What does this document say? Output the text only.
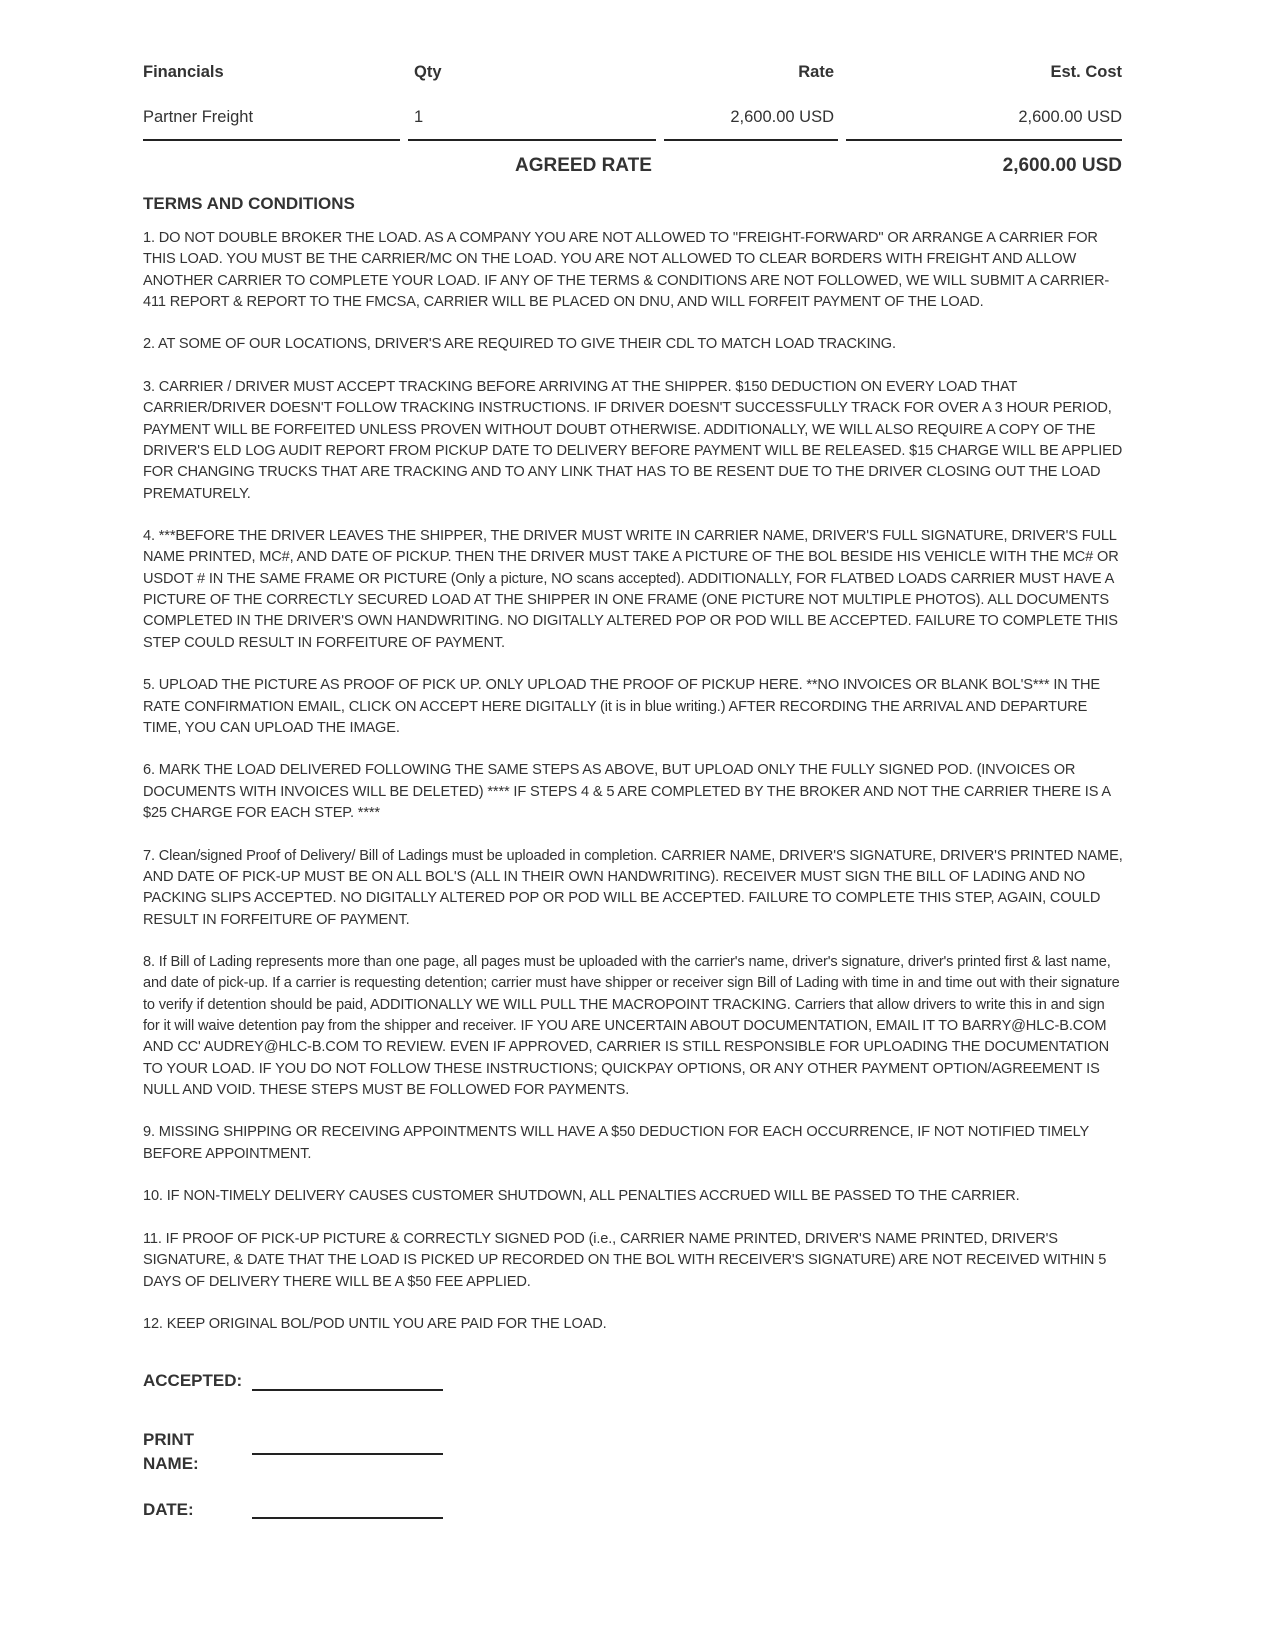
Financials	Qty	Rate	Est. Cost
Partner Freight	1	2,600.00 USD	2,600.00 USD
AGREED RATE	2,600.00 USD
TERMS AND CONDITIONS

1. DO NOT DOUBLE BROKER THE LOAD. AS A COMPANY YOU ARE NOT ALLOWED TO "FREIGHT-FORWARD" OR ARRANGE A CARRIER FOR THIS LOAD. YOU MUST BE THE CARRIER/MC ON THE LOAD. YOU ARE NOT ALLOWED TO CLEAR BORDERS WITH FREIGHT AND ALLOW ANOTHER CARRIER TO COMPLETE YOUR LOAD. IF ANY OF THE TERMS & CONDITIONS ARE NOT FOLLOWED, WE WILL SUBMIT A CARRIER-411 REPORT & REPORT TO THE FMCSA, CARRIER WILL BE PLACED ON DNU, AND WILL FORFEIT PAYMENT OF THE LOAD.

2. AT SOME OF OUR LOCATIONS, DRIVER'S ARE REQUIRED TO GIVE THEIR CDL TO MATCH LOAD TRACKING.

3. CARRIER / DRIVER MUST ACCEPT TRACKING BEFORE ARRIVING AT THE SHIPPER. $150 DEDUCTION ON EVERY LOAD THAT CARRIER/DRIVER DOESN'T FOLLOW TRACKING INSTRUCTIONS. IF DRIVER DOESN'T SUCCESSFULLY TRACK FOR OVER A 3 HOUR PERIOD, PAYMENT WILL BE FORFEITED UNLESS PROVEN WITHOUT DOUBT OTHERWISE. ADDITIONALLY, WE WILL ALSO REQUIRE A COPY OF THE DRIVER'S ELD LOG AUDIT REPORT FROM PICKUP DATE TO DELIVERY BEFORE PAYMENT WILL BE RELEASED. $15 CHARGE WILL BE APPLIED FOR CHANGING TRUCKS THAT ARE TRACKING AND TO ANY LINK THAT HAS TO BE RESENT DUE TO THE DRIVER CLOSING OUT THE LOAD PREMATURELY.

4. ***BEFORE THE DRIVER LEAVES THE SHIPPER, THE DRIVER MUST WRITE IN CARRIER NAME, DRIVER'S FULL SIGNATURE, DRIVER'S FULL NAME PRINTED, MC#, AND DATE OF PICKUP. THEN THE DRIVER MUST TAKE A PICTURE OF THE BOL BESIDE HIS VEHICLE WITH THE MC# OR USDOT # IN THE SAME FRAME OR PICTURE (Only a picture, NO scans accepted). ADDITIONALLY, FOR FLATBED LOADS CARRIER MUST HAVE A PICTURE OF THE CORRECTLY SECURED LOAD AT THE SHIPPER IN ONE FRAME (ONE PICTURE NOT MULTIPLE PHOTOS). ALL DOCUMENTS COMPLETED IN THE DRIVER'S OWN HANDWRITING. NO DIGITALLY ALTERED POP OR POD WILL BE ACCEPTED. FAILURE TO COMPLETE THIS STEP COULD RESULT IN FORFEITURE OF PAYMENT.

5. UPLOAD THE PICTURE AS PROOF OF PICK UP. ONLY UPLOAD THE PROOF OF PICKUP HERE. **NO INVOICES OR BLANK BOL'S*** IN THE RATE CONFIRMATION EMAIL, CLICK ON ACCEPT HERE DIGITALLY (it is in blue writing.) AFTER RECORDING THE ARRIVAL AND DEPARTURE TIME, YOU CAN UPLOAD THE IMAGE.

6. MARK THE LOAD DELIVERED FOLLOWING THE SAME STEPS AS ABOVE, BUT UPLOAD ONLY THE FULLY SIGNED POD. (INVOICES OR DOCUMENTS WITH INVOICES WILL BE DELETED) **** IF STEPS 4 & 5 ARE COMPLETED BY THE BROKER AND NOT THE CARRIER THERE IS A $25 CHARGE FOR EACH STEP. ****

7. Clean/signed Proof of Delivery/ Bill of Ladings must be uploaded in completion. CARRIER NAME, DRIVER'S SIGNATURE, DRIVER'S PRINTED NAME, AND DATE OF PICK-UP MUST BE ON ALL BOL'S (ALL IN THEIR OWN HANDWRITING). RECEIVER MUST SIGN THE BILL OF LADING AND NO PACKING SLIPS ACCEPTED. NO DIGITALLY ALTERED POP OR POD WILL BE ACCEPTED. FAILURE TO COMPLETE THIS STEP, AGAIN, COULD RESULT IN FORFEITURE OF PAYMENT.

8. If Bill of Lading represents more than one page, all pages must be uploaded with the carrier's name, driver's signature, driver's printed first & last name, and date of pick-up. If a carrier is requesting detention; carrier must have shipper or receiver sign Bill of Lading with time in and time out with their signature to verify if detention should be paid, ADDITIONALLY WE WILL PULL THE MACROPOINT TRACKING. Carriers that allow drivers to write this in and sign for it will waive detention pay from the shipper and receiver. IF YOU ARE UNCERTAIN ABOUT DOCUMENTATION, EMAIL IT TO BARRY@HLC-B.COM AND CC' AUDREY@HLC-B.COM TO REVIEW. EVEN IF APPROVED, CARRIER IS STILL RESPONSIBLE FOR UPLOADING THE DOCUMENTATION TO YOUR LOAD. IF YOU DO NOT FOLLOW THESE INSTRUCTIONS; QUICKPAY OPTIONS, OR ANY OTHER PAYMENT OPTION/AGREEMENT IS NULL AND VOID. THESE STEPS MUST BE FOLLOWED FOR PAYMENTS.

9. MISSING SHIPPING OR RECEIVING APPOINTMENTS WILL HAVE A $50 DEDUCTION FOR EACH OCCURRENCE, IF NOT NOTIFIED TIMELY BEFORE APPOINTMENT.

10. IF NON-TIMELY DELIVERY CAUSES CUSTOMER SHUTDOWN, ALL PENALTIES ACCRUED WILL BE PASSED TO THE CARRIER.

11. IF PROOF OF PICK-UP PICTURE & CORRECTLY SIGNED POD (i.e., CARRIER NAME PRINTED, DRIVER'S NAME PRINTED, DRIVER'S SIGNATURE, & DATE THAT THE LOAD IS PICKED UP RECORDED ON THE BOL WITH RECEIVER'S SIGNATURE) ARE NOT RECEIVED WITHIN 5 DAYS OF DELIVERY THERE WILL BE A $50 FEE APPLIED.

12. KEEP ORIGINAL BOL/POD UNTIL YOU ARE PAID FOR THE LOAD.

ACCEPTED:
PRINT
NAME:
DATE:
